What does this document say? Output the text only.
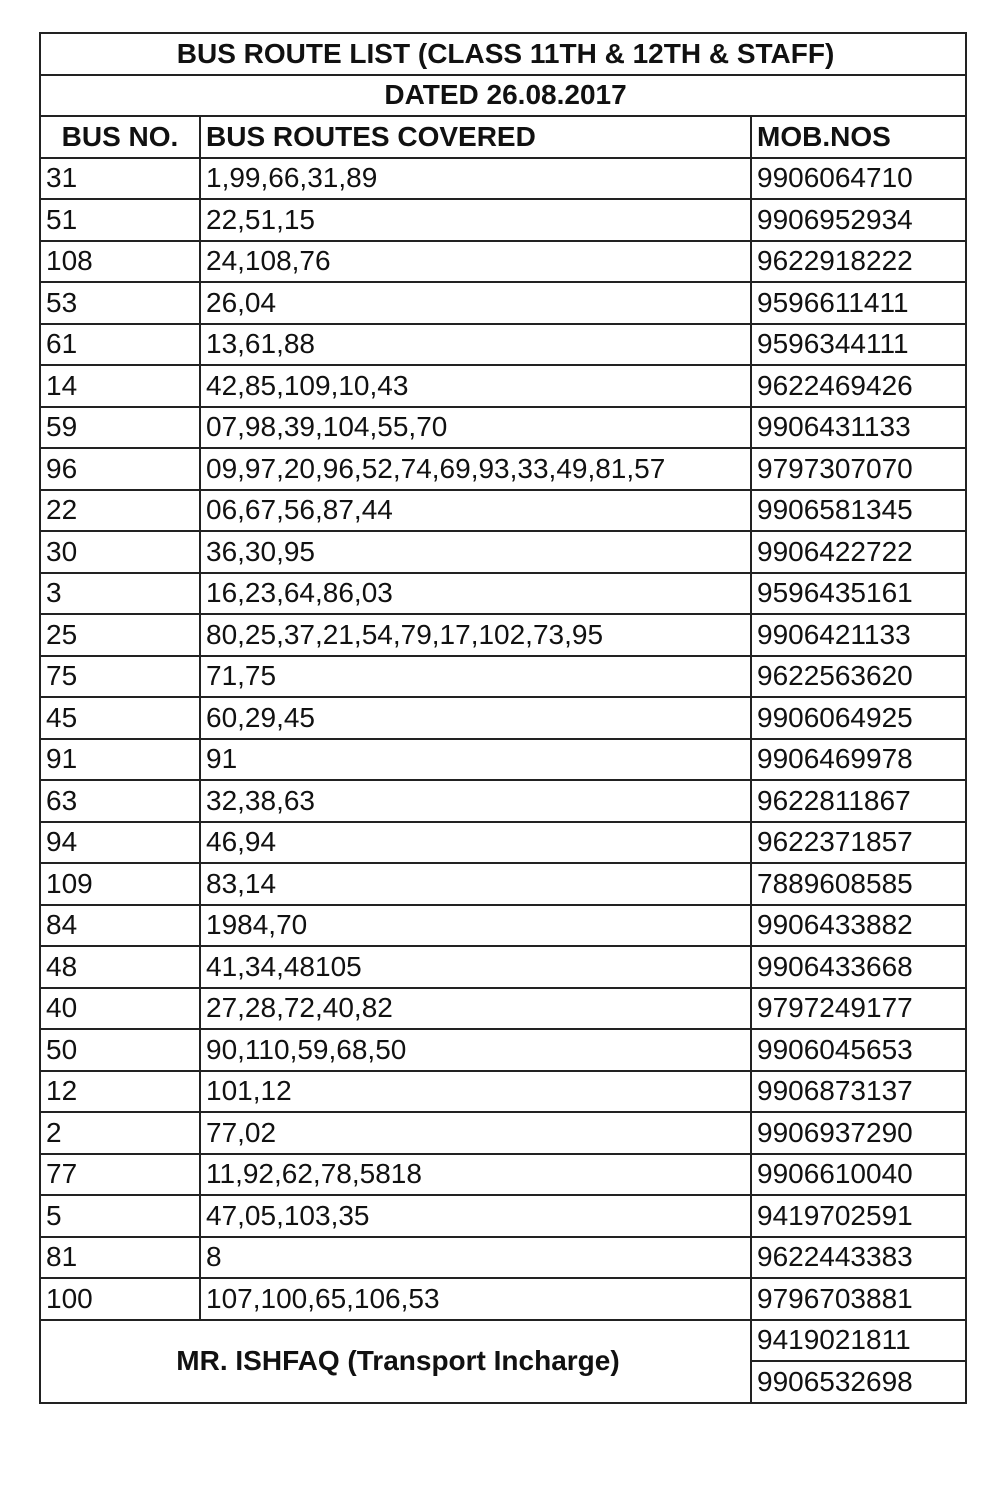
BUS ROUTE LIST (CLASS 11TH & 12TH & STAFF)		
DATED 26.08.2017		
BUS NO.	BUS ROUTES COVERED	MOB.NOS
31	1,99,66,31,89	9906064710
51	22,51,15	9906952934
108	24,108,76	9622918222
53	26,04	9596611411
61	13,61,88	9596344111
14	42,85,109,10,43	9622469426
59	07,98,39,104,55,70	9906431133
96	09,97,20,96,52,74,69,93,33,49,81,57	9797307070
22	06,67,56,87,44	9906581345
30	36,30,95	9906422722
3	16,23,64,86,03	9596435161
25	80,25,37,21,54,79,17,102,73,95	9906421133
75	71,75	9622563620
45	60,29,45	9906064925
91	91	9906469978
63	32,38,63	9622811867
94	46,94	9622371857
109	83,14	7889608585
84	1984,70	9906433882
48	41,34,48105	9906433668
40	27,28,72,40,82	9797249177
50	90,110,59,68,50	9906045653
12	101,12	9906873137
2	77,02	9906937290
77	11,92,62,78,5818	9906610040
5	47,05,103,35	9419702591
81	8	9622443383
100	107,100,65,106,53	9796703881
MR. ISHFAQ (Transport Incharge)		9419021811
		9906532698
